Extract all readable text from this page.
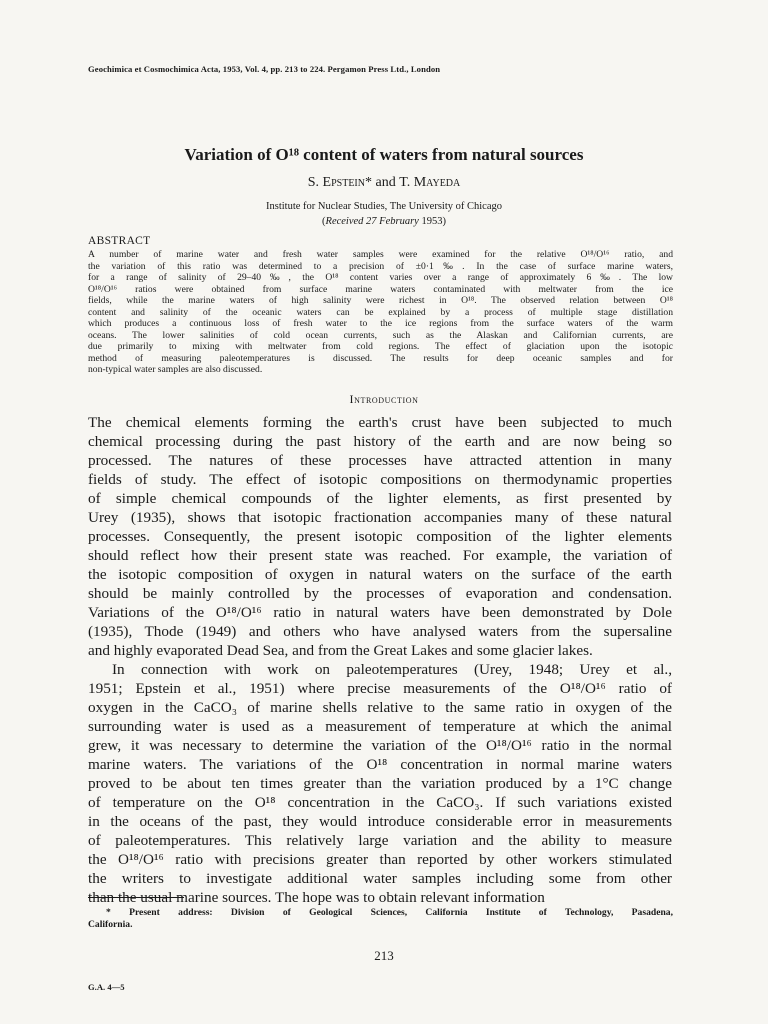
Geochimica et Cosmochimica Acta, 1953, Vol. 4, pp. 213 to 224. Pergamon Press Ltd., London
Variation of O¹⁸ content of waters from natural sources
S. Epstein* and T. Mayeda
Institute for Nuclear Studies, The University of Chicago
(Received 27 February 1953)
ABSTRACT
A number of marine water and fresh water samples were examined for the relative O¹⁸/O¹⁶ ratio, and
the variation of this ratio was determined to a precision of ±0·1‰. In the case of surface marine waters,
for a range of salinity of 29–40‰, the O¹⁸ content varies over a range of approximately 6‰. The low
O¹⁸/O¹⁶ ratios were obtained from surface marine waters contaminated with meltwater from the ice
fields, while the marine waters of high salinity were richest in O¹⁸. The observed relation between O¹⁸
content and salinity of the oceanic waters can be explained by a process of multiple stage distillation
which produces a continuous loss of fresh water to the ice regions from the surface waters of the warm
oceans. The lower salinities of cold ocean currents, such as the Alaskan and Californian currents, are
due primarily to mixing with meltwater from cold regions. The effect of glaciation upon the isotopic
method of measuring paleotemperatures is discussed. The results for deep oceanic samples and for
non-typical water samples are also discussed.
Introduction
The chemical elements forming the earth's crust have been subjected to much
chemical processing during the past history of the earth and are now being so
processed. The natures of these processes have attracted attention in many
fields of study. The effect of isotopic compositions on thermodynamic properties
of simple chemical compounds of the lighter elements, as first presented by
Urey (1935), shows that isotopic fractionation accompanies many of these natural
processes. Consequently, the present isotopic composition of the lighter elements
should reflect how their present state was reached. For example, the variation of
the isotopic composition of oxygen in natural waters on the surface of the earth
should be mainly controlled by the processes of evaporation and condensation.
Variations of the O¹⁸/O¹⁶ ratio in natural waters have been demonstrated by Dole
(1935), Thode (1949) and others who have analysed waters from the supersaline
and highly evaporated Dead Sea, and from the Great Lakes and some glacier lakes.
In connection with work on paleotemperatures (Urey, 1948; Urey et al.,
1951; Epstein et al., 1951) where precise measurements of the O¹⁸/O¹⁶ ratio of
oxygen in the CaCO₃ of marine shells relative to the same ratio in oxygen of the
surrounding water is used as a measurement of temperature at which the animal
grew, it was necessary to determine the variation of the O¹⁸/O¹⁶ ratio in the normal
marine waters. The variations of the O¹⁸ concentration in normal marine waters
proved to be about ten times greater than the variation produced by a 1°C change
of temperature on the O¹⁸ concentration in the CaCO₃. If such variations existed
in the oceans of the past, they would introduce considerable error in measurements
of paleotemperatures. This relatively large variation and the ability to measure
the O¹⁸/O¹⁶ ratio with precisions greater than reported by other workers stimulated
the writers to investigate additional water samples including some from other
than the usual marine sources. The hope was to obtain relevant information
* Present address: Division of Geological Sciences, California Institute of Technology, Pasadena,
California.
213
G.A. 4—5
